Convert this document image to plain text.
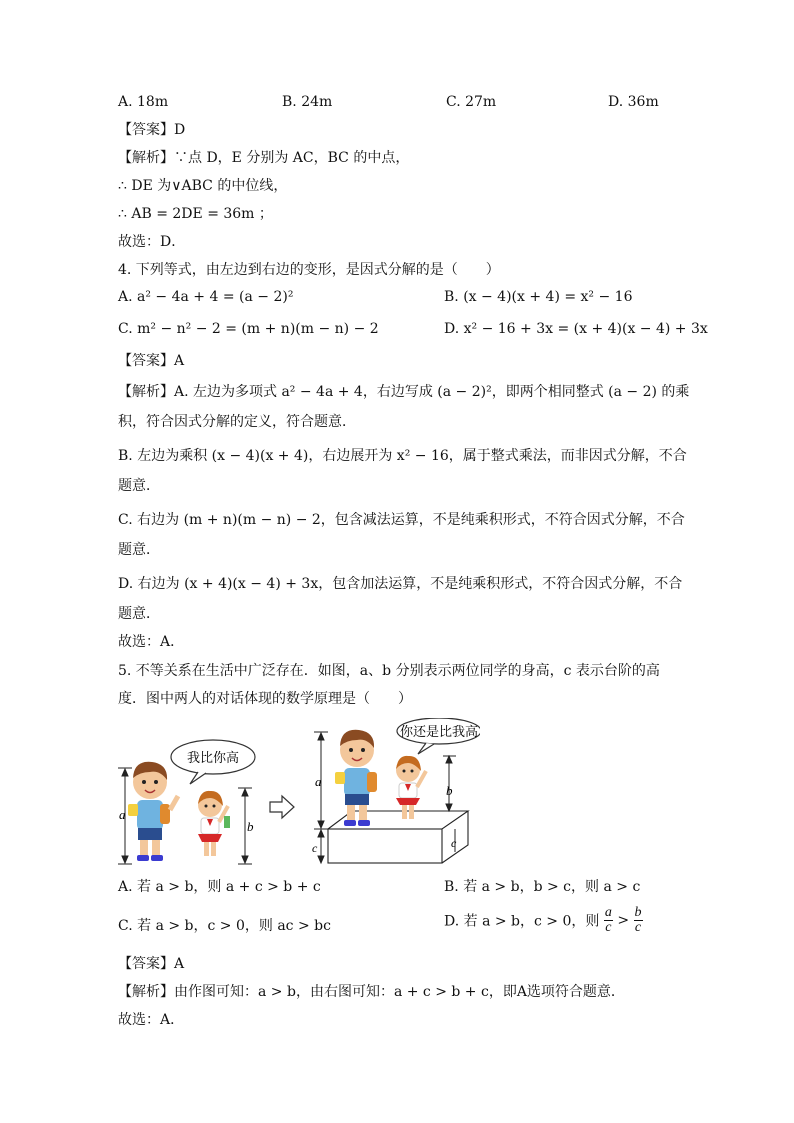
A. 18m	B. 24m	C. 27m	D. 36m
【答案】D
【解析】∵点 D，E 分别为 AC，BC 的中点，
∴ DE 为∨ABC 的中位线，
∴ AB = 2DE = 36m ；
故选：D．
4. 下列等式，由左边到右边的变形，是因式分解的是（　　）
A. a² − 4a + 4 = (a − 2)²	B. (x − 4)(x + 4) = x² − 16
C. m² − n² − 2 = (m + n)(m − n) − 2	D. x² − 16 + 3x = (x + 4)(x − 4) + 3x
【答案】A
【解析】A. 左边为多项式 a² − 4a + 4，右边写成 (a − 2)²，即两个相同整式 (a − 2) 的乘
积，符合因式分解的定义，符合题意．
B. 左边为乘积 (x − 4)(x + 4)，右边展开为 x² − 16，属于整式乘法，而非因式分解，不合
题意．
C. 右边为 (m + n)(m − n) − 2，包含减法运算，不是纯乘积形式，不符合因式分解，不合
题意．
D. 右边为 (x + 4)(x − 4) + 3x，包含加法运算，不是纯乘积形式，不符合因式分解，不合
题意．
故选：A．
5. 不等关系在生活中广泛存在．如图，a、b 分别表示两位同学的身高，c 表示台阶的高
度．图中两人的对话体现的数学原理是（　　）
我比你高
a
b
你还是比我高
a
c
b
c
A. 若 a > b，则 a + c > b + c	B. 若 a > b，b > c，则 a > c
C. 若 a > b，c > 0，则 ac > bc	D. 若 a > b，c > 0，则 $\frac{a}{c} > \frac{b}{c}$
【答案】A
【解析】由作图可知：a > b，由右图可知：a + c > b + c，即A选项符合题意．
故选：A．
